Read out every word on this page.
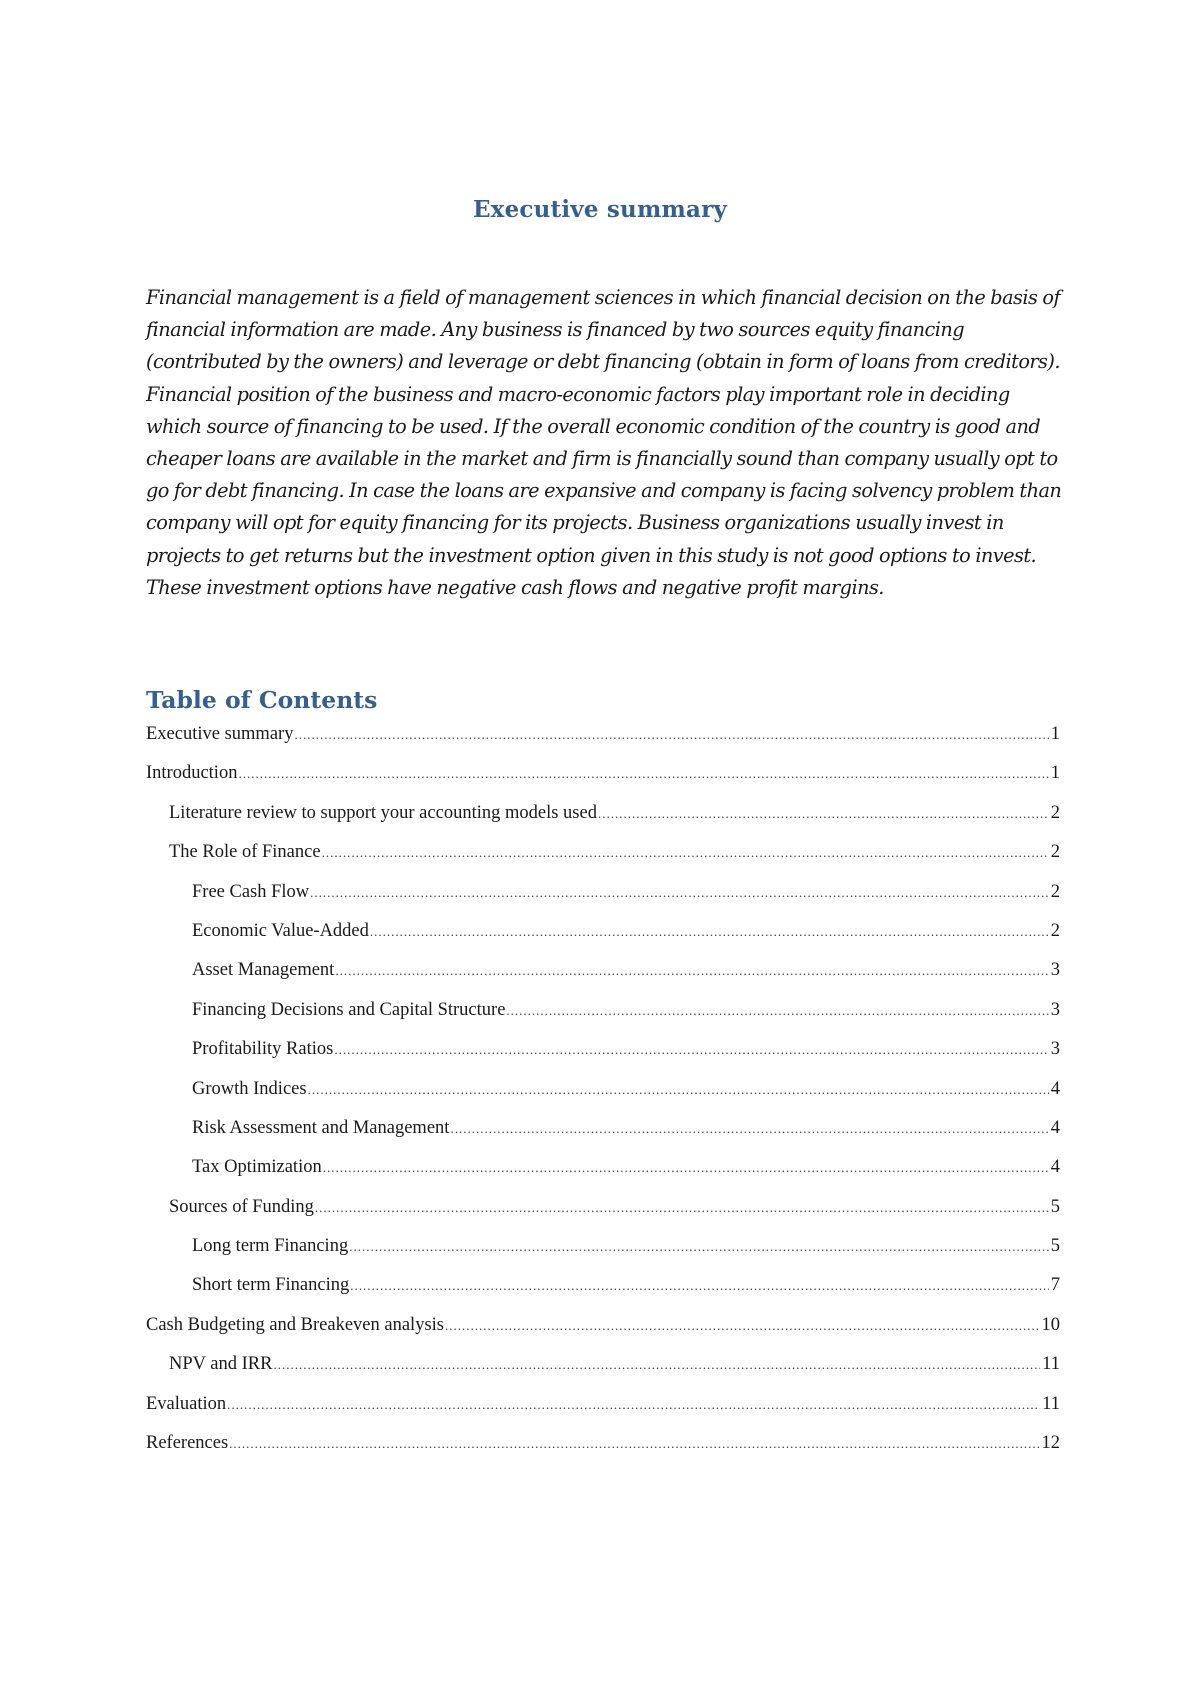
Executive summary

Financial management is a field of management sciences in which financial decision on the basis of financial information are made. Any business is financed by two sources equity financing (contributed by the owners) and leverage or debt financing (obtain in form of loans from creditors). Financial position of the business and macro-economic factors play important role in deciding which source of financing to be used. If the overall economic condition of the country is good and cheaper loans are available in the market and firm is financially sound than company usually opt to go for debt financing. In case the loans are expansive and company is facing solvency problem than company will opt for equity financing for its projects. Business organizations usually invest in projects to get returns but the investment option given in this study is not good options to invest. These investment options have negative cash flows and negative profit margins.

Table of Contents
Executive summary .....	1
Introduction .....	1
Literature review to support your accounting models used .....	2
The Role of Finance .....	2
Free Cash Flow .....	2
Economic Value-Added .....	2
Asset Management .....	3
Financing Decisions and Capital Structure .....	3
Profitability Ratios .....	3
Growth Indices .....	4
Risk Assessment and Management .....	4
Tax Optimization .....	4
Sources of Funding .....	5
Long term Financing .....	5
Short term Financing .....	7
Cash Budgeting and Breakeven analysis .....	10
NPV and IRR .....	11
Evaluation .....	11
References .....	12
